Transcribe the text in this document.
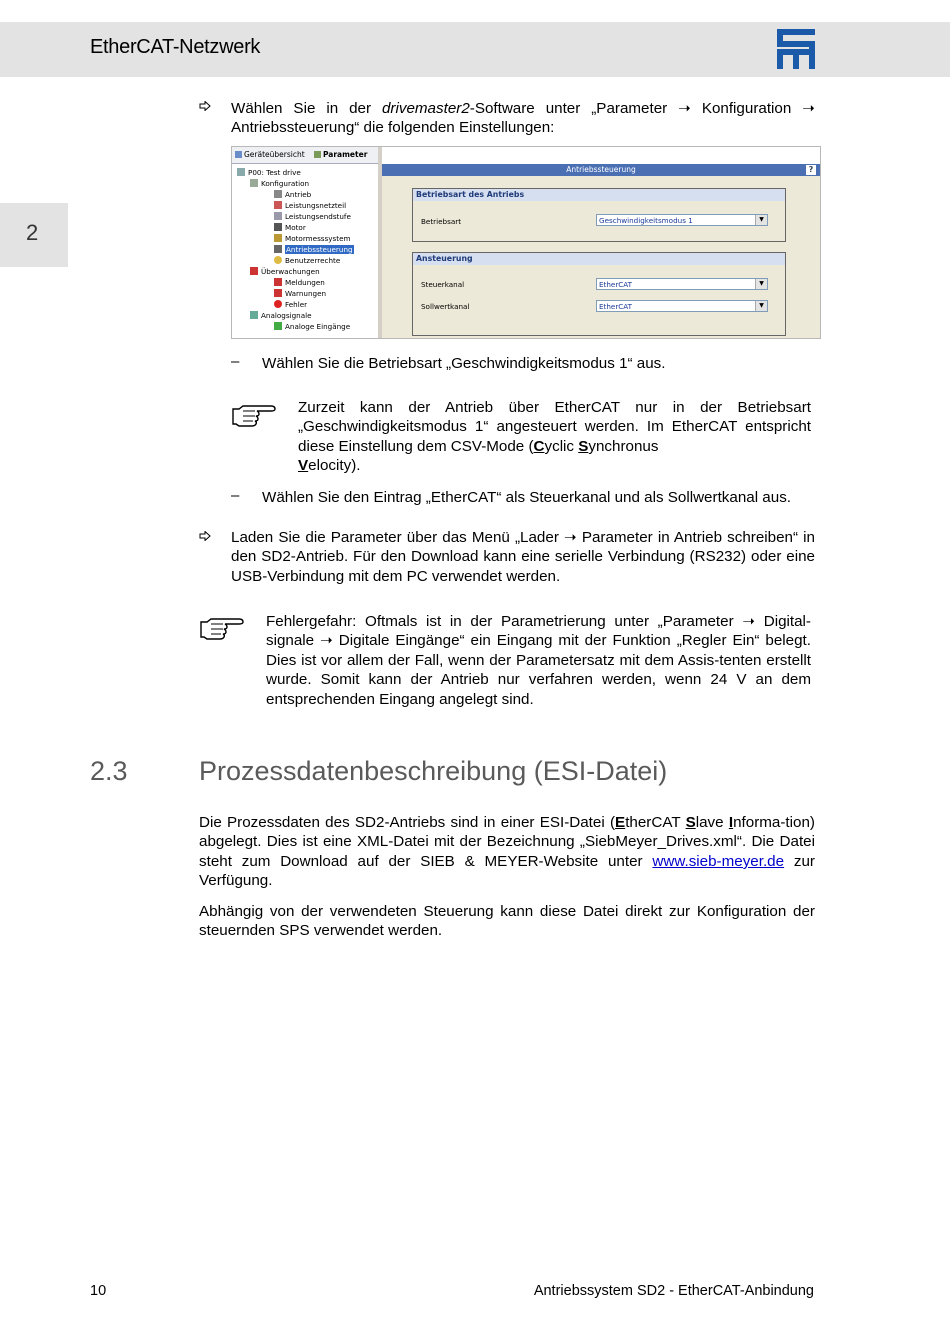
EtherCAT-Netzwerk
2
Wählen Sie in der drivemaster2-Software unter „Parameter ➝ Konfiguration ➝ Antriebssteuerung“ die folgenden Einstellungen:
Geräteübersicht	Parameter
P00: Test drive
Konfiguration
Antrieb
Leistungsnetzteil
Leistungsendstufe
Motor
Motormesssystem
Antriebssteuerung
Benutzerrechte
Überwachungen
Meldungen
Warnungen
Fehler
Analogsignale
Analoge Eingänge
Antriebssteuerung	?
Betriebsart des Antriebs
Betriebsart	Geschwindigkeitsmodus 1	▼
Ansteuerung
Steuerkanal	EtherCAT	▼
Sollwertkanal	EtherCAT	▼
– Wählen Sie die Betriebsart „Geschwindigkeitsmodus 1“ aus.
Zurzeit kann der Antrieb über EtherCAT nur in der Betriebsart „Geschwindigkeitsmodus 1“ angesteuert werden. Im EtherCAT entspricht diese Einstellung dem CSV-Mode (Cyclic Synchronus
Velocity).
– Wählen Sie den Eintrag „EtherCAT“ als Steuerkanal und als Sollwertkanal aus.
Laden Sie die Parameter über das Menü „Lader ➝ Parameter in Antrieb schreiben“ in den SD2-Antrieb. Für den Download kann eine serielle Verbindung (RS232) oder eine USB-Verbindung mit dem PC verwendet werden.
Fehlergefahr: Oftmals ist in der Parametrierung unter „Parameter ➝ Digital-signale ➝ Digitale Eingänge“ ein Eingang mit der Funktion „Regler Ein“ belegt. Dies ist vor allem der Fall, wenn der Parametersatz mit dem Assis-tenten erstellt wurde. Somit kann der Antrieb nur verfahren werden, wenn 24 V an dem entsprechenden Eingang angelegt sind.
2.3	Prozessdatenbeschreibung (ESI-Datei)
Die Prozessdaten des SD2-Antriebs sind in einer ESI-Datei (EtherCAT Slave Informa-tion) abgelegt. Dies ist eine XML-Datei mit der Bezeichnung „SiebMeyer_Drives.xml“. Die Datei steht zum Download auf der SIEB & MEYER-Website unter www.sieb-meyer.de zur Verfügung.
Abhängig von der verwendeten Steuerung kann diese Datei direkt zur Konfiguration der steuernden SPS verwendet werden.
10	Antriebssystem SD2 - EtherCAT-Anbindung
